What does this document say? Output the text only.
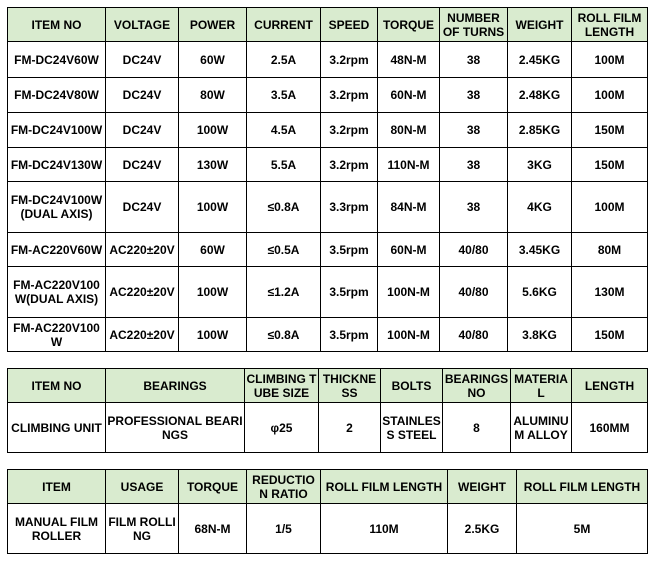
ITEM NO	VOLTAGE	POWER	CURRENT	SPEED	TORQUE	NUMBER OF TURNS	WEIGHT	ROLL FILM LENGTH
FM-DC24V60W	DC24V	60W	2.5A	3.2rpm	48N-M	38	2.45KG	100M
FM-DC24V80W	DC24V	80W	3.5A	3.2rpm	60N-M	38	2.48KG	100M
FM-DC24V100W	DC24V	100W	4.5A	3.2rpm	80N-M	38	2.85KG	150M
FM-DC24V130W	DC24V	130W	5.5A	3.2rpm	110N-M	38	3KG	150M
FM-DC24V100W(DUAL AXIS)	DC24V	100W	≤0.8A	3.3rpm	84N-M	38	4KG	100M
FM-AC220V60W	AC220±20V	60W	≤0.5A	3.5rpm	60N-M	40/80	3.45KG	80M
FM-AC220V100W(DUAL AXIS)	AC220±20V	100W	≤1.2A	3.5rpm	100N-M	40/80	5.6KG	130M
FM-AC220V100W	AC220±20V	100W	≤0.8A	3.5rpm	100N-M	40/80	3.8KG	150M
ITEM NO	BEARINGS	CLIMBING TUBE SIZE	THICKNESS	BOLTS	BEARINGS NO	MATERIAL	LENGTH
CLIMBING UNIT	PROFESSIONAL BEARINGS	φ25	2	STAINLESS STEEL	8	ALUMINUM ALLOY	160MM
ITEM	USAGE	TORQUE	REDUCTION RATIO	ROLL FILM LENGTH	WEIGHT	ROLL FILM LENGTH
MANUAL FILM ROLLER	FILM ROLLING	68N-M	1/5	110M	2.5KG	5M
